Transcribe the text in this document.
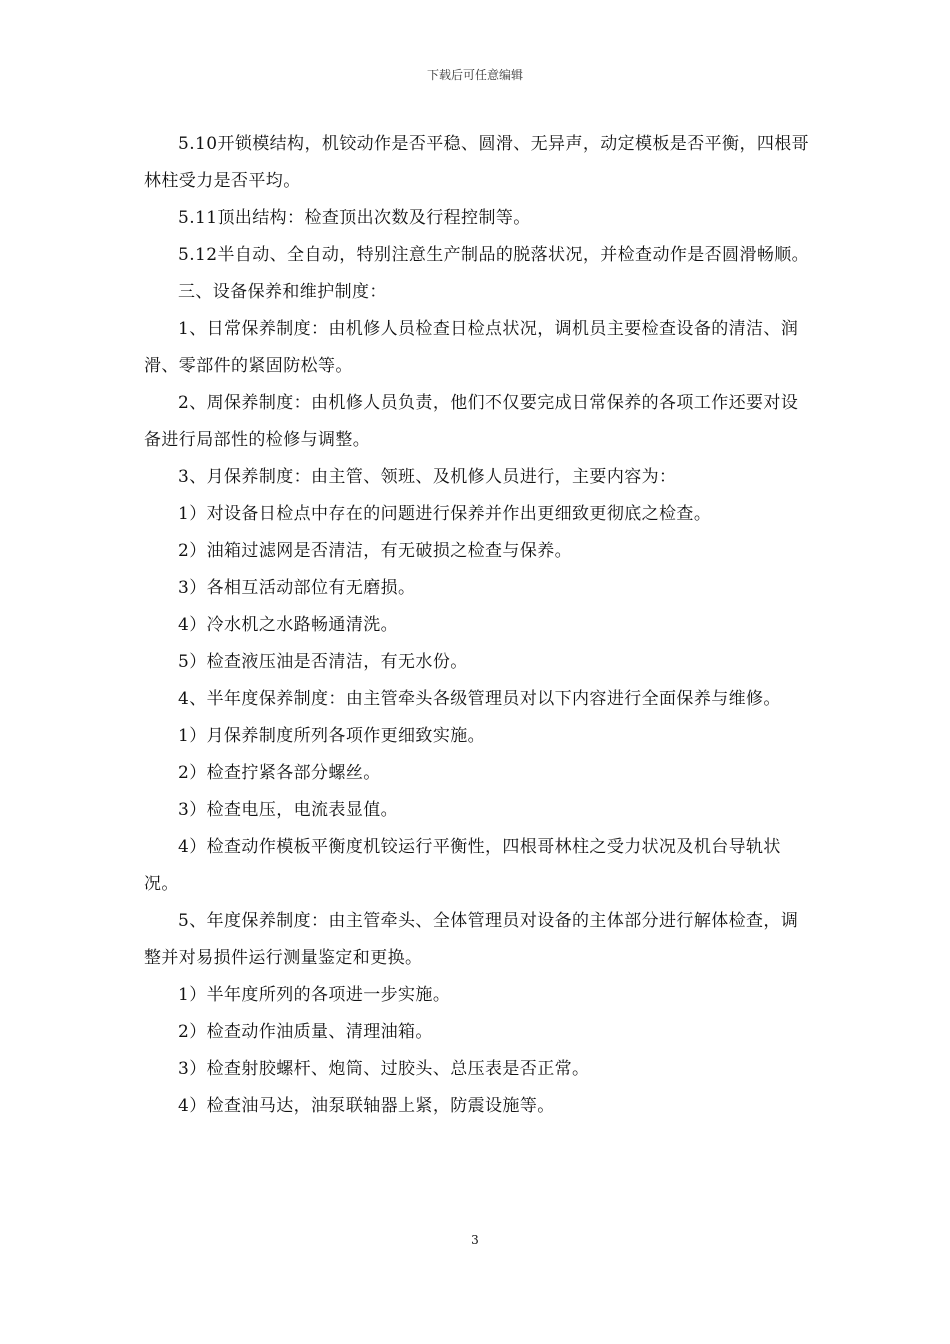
下载后可任意编辑

5.10开锁模结构，机铰动作是否平稳、圆滑、无异声，动定模板是否平衡，四根哥林柱受力是否平均。

5.11顶出结构：检查顶出次数及行程控制等。

5.12半自动、全自动，特别注意生产制品的脱落状况，并检查动作是否圆滑畅顺。

三、设备保养和维护制度：

1、日常保养制度：由机修人员检查日检点状况，调机员主要检查设备的清洁、润滑、零部件的紧固防松等。

2、周保养制度：由机修人员负责，他们不仅要完成日常保养的各项工作还要对设备进行局部性的检修与调整。

3、月保养制度：由主管、领班、及机修人员进行，主要内容为：

1）对设备日检点中存在的问题进行保养并作出更细致更彻底之检查。

2）油箱过滤网是否清洁，有无破损之检查与保养。

3）各相互活动部位有无磨损。

4）冷水机之水路畅通清洗。

5）检查液压油是否清洁，有无水份。

4、半年度保养制度：由主管牵头各级管理员对以下内容进行全面保养与维修。

1）月保养制度所列各项作更细致实施。

2）检查拧紧各部分螺丝。

3）检查电压，电流表显值。

4）检查动作模板平衡度机铰运行平衡性，四根哥林柱之受力状况及机台导轨状况。

5、年度保养制度：由主管牵头、全体管理员对设备的主体部分进行解体检查，调整并对易损件运行测量鉴定和更换。

1）半年度所列的各项进一步实施。

2）检查动作油质量、清理油箱。

3）检查射胶螺杆、炮筒、过胶头、总压表是否正常。

4）检查油马达，油泵联轴器上紧，防震设施等。

3
